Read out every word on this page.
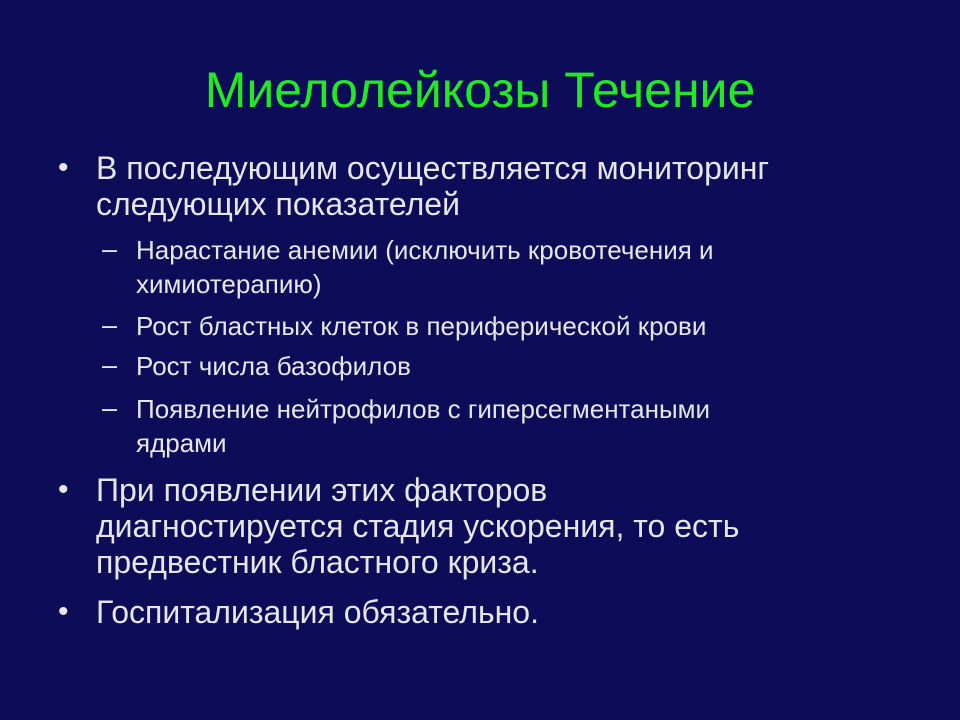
Миелолейкозы Течение
• В последующим осуществляется мониторинг
следующих показателей
– Нарастание анемии (исключить кровотечения и
химиотерапию)
– Рост бластных клеток в периферической крови
– Рост числа базофилов
– Появление нейтрофилов с гиперсегментаными
ядрами
• При появлении этих факторов
диагностируется стадия ускорения, то есть
предвестник бластного криза.
• Госпитализация обязательно.
